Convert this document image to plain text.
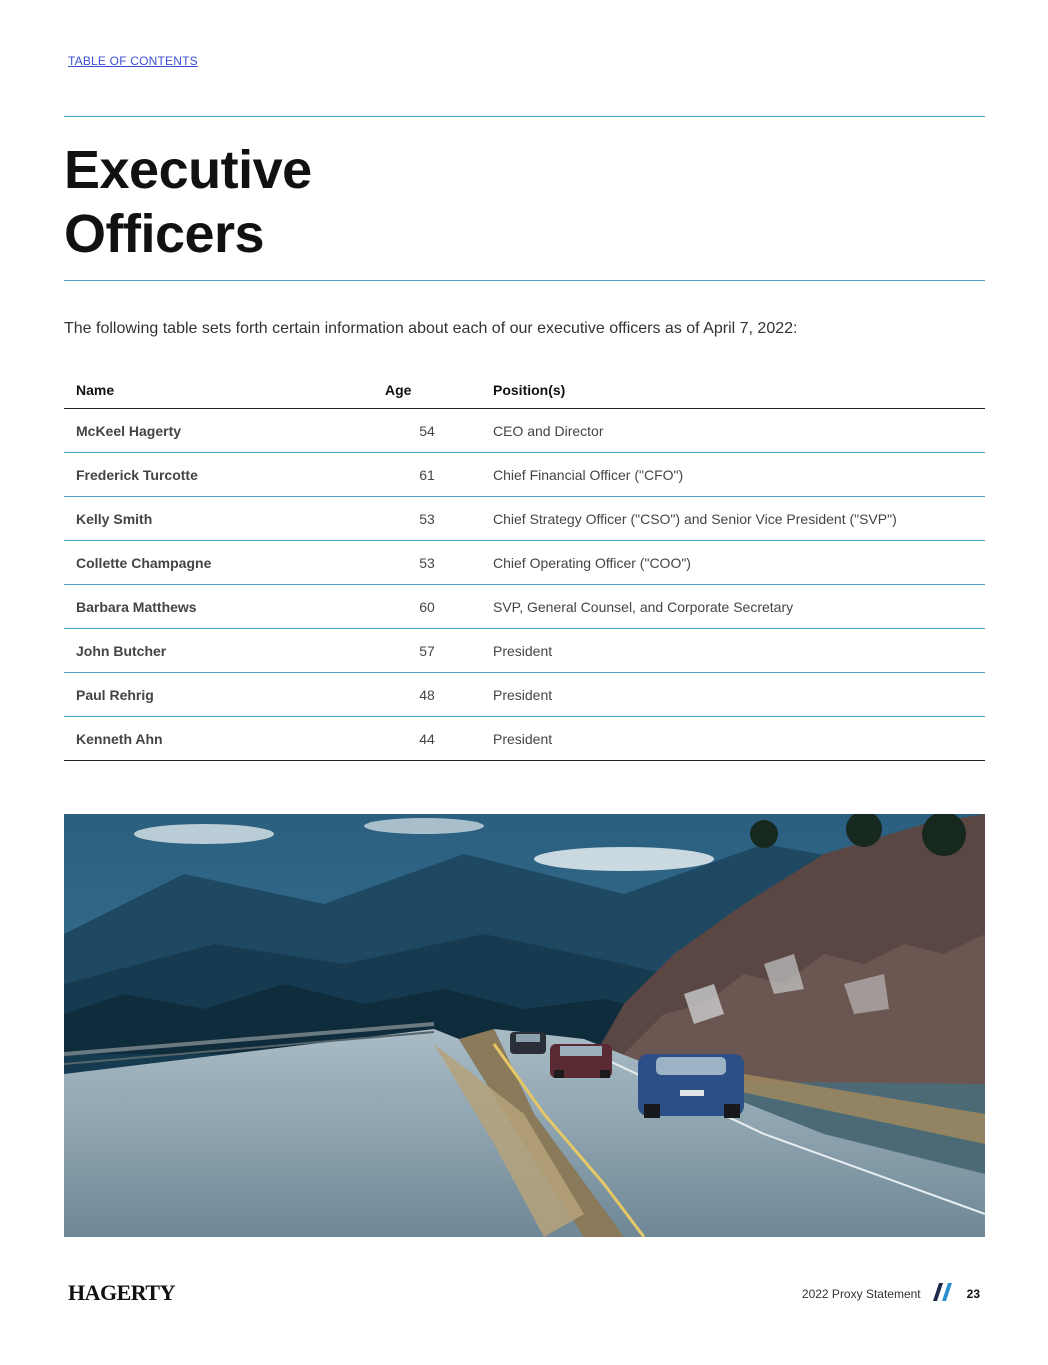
TABLE OF CONTENTS
Executive
Officers

The following table sets forth certain information about each of our executive officers as of April 7, 2022:

Name	Age	Position(s)
McKeel Hagerty	54	CEO and Director
Frederick Turcotte	61	Chief Financial Officer ("CFO")
Kelly Smith	53	Chief Strategy Officer ("CSO") and Senior Vice President ("SVP")
Collette Champagne	53	Chief Operating Officer ("COO")
Barbara Matthews	60	SVP, General Counsel, and Corporate Secretary
John Butcher	57	President
Paul Rehrig	48	President
Kenneth Ahn	44	President
HAGERTY	2022 Proxy Statement	23
